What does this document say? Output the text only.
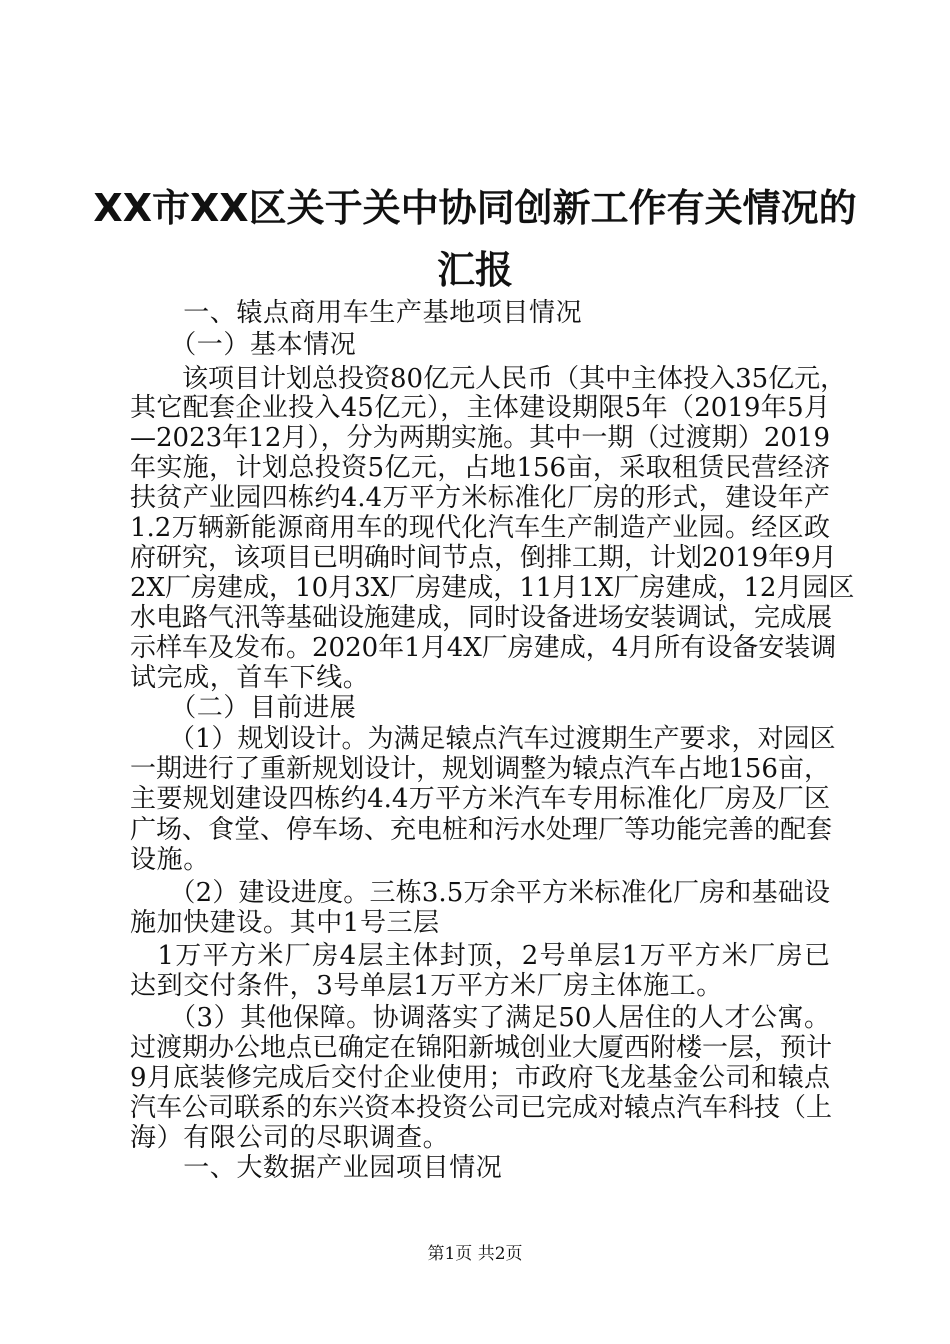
XX市XX区关于关中协同创新工作有关情况的
汇报
　　一、辕点商用车生产基地项目情况
　　（一）基本情况
　　该项目计划总投资80亿元人民币（其中主体投入35亿元，
其它配套企业投入45亿元），主体建设期限5年（2019年5月
—2023年12月），分为两期实施。其中一期（过渡期）2019
年实施，计划总投资5亿元，占地156亩，采取租赁民营经济
扶贫产业园四栋约4.4万平方米标准化厂房的形式，建设年产
1.2万辆新能源商用车的现代化汽车生产制造产业园。经区政
府研究，该项目已明确时间节点，倒排工期，计划2019年9月
2X厂房建成，10月3X厂房建成，11月1X厂房建成，12月园区
水电路气汛等基础设施建成，同时设备进场安装调试，完成展
示样车及发布。2020年1月4X厂房建成，4月所有设备安装调
试完成，首车下线。
　　（二）目前进展
　　（1）规划设计。为满足辕点汽车过渡期生产要求，对园区
一期进行了重新规划设计，规划调整为辕点汽车占地156亩，
主要规划建设四栋约4.4万平方米汽车专用标准化厂房及厂区
广场、食堂、停车场、充电桩和污水处理厂等功能完善的配套
设施。
　　（2）建设进度。三栋3.5万余平方米标准化厂房和基础设
施加快建设。其中1号三层
　1万平方米厂房4层主体封顶，2号单层1万平方米厂房已
达到交付条件，3号单层1万平方米厂房主体施工。
　　（3）其他保障。协调落实了满足50人居住的人才公寓。
过渡期办公地点已确定在锦阳新城创业大厦西附楼一层，预计
9月底装修完成后交付企业使用；市政府飞龙基金公司和辕点
汽车公司联系的东兴资本投资公司已完成对辕点汽车科技（上
海）有限公司的尽职调查。
　　一、大数据产业园项目情况
第1页 共2页
